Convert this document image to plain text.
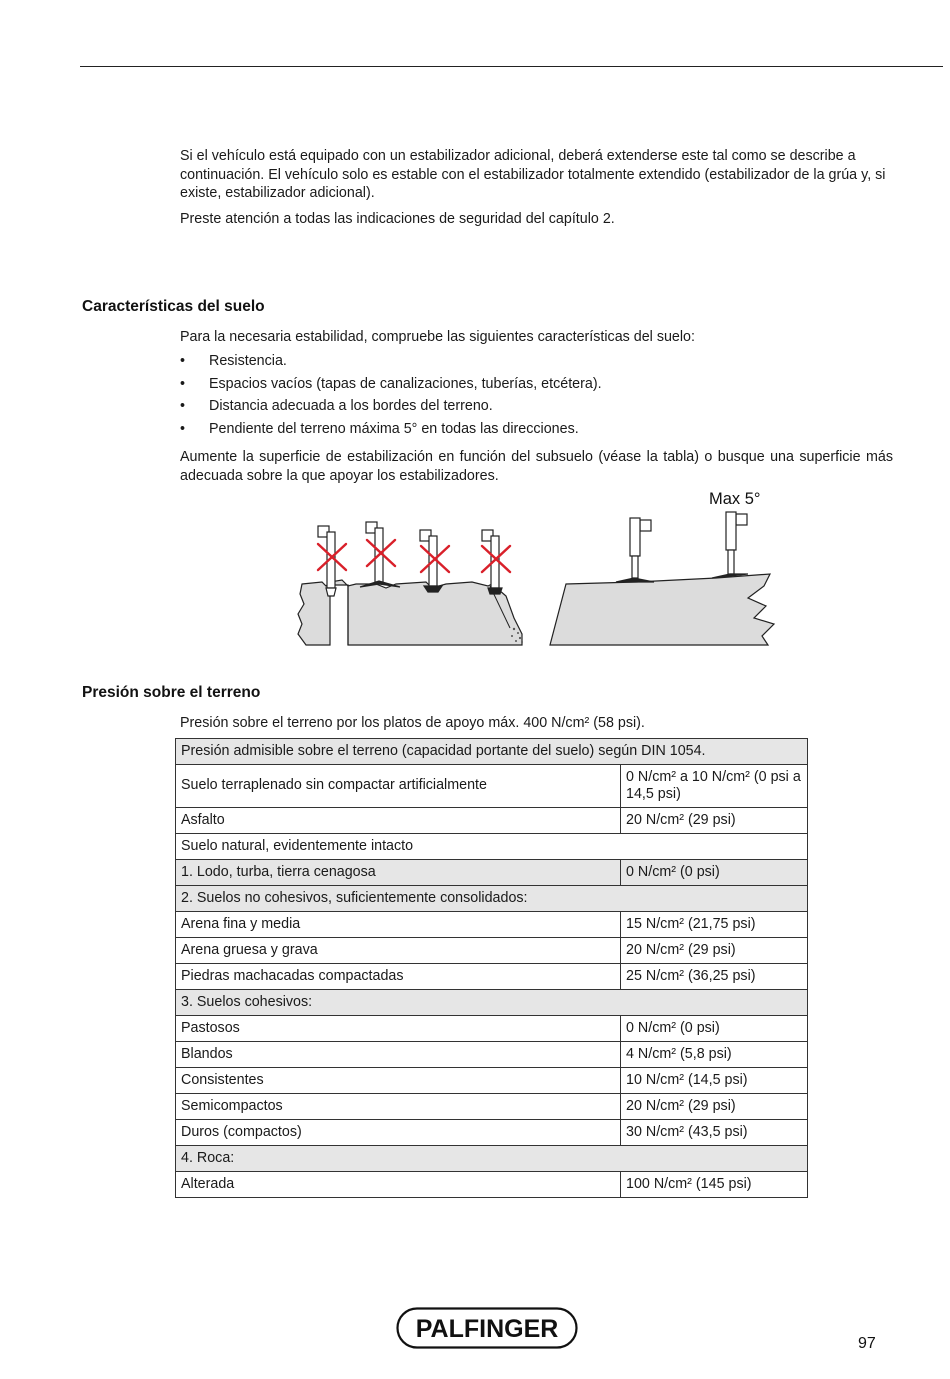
Si el vehículo está equipado con un estabilizador adicional, deberá extenderse este tal como se describe a continuación. El vehículo solo es estable con el estabilizador totalmente extendido (estabilizador de la grúa y, si existe, estabilizador adicional).

Preste atención a todas las indicaciones de seguridad del capítulo 2.

Características del suelo

Para la necesaria estabilidad, compruebe las siguientes características del suelo:

• Resistencia.
• Espacios vacíos (tapas de canalizaciones, tuberías, etcétera).
• Distancia adecuada a los bordes del terreno.
• Pendiente del terreno máxima 5° en todas las direcciones.

Aumente la superficie de estabilización en función del subsuelo (véase la tabla) o busque una superficie más adecuada sobre la que apoyar los estabilizadores.

Max 5°
Presión sobre el terreno

Presión sobre el terreno por los platos de apoyo máx. 400 N/cm² (58 psi).

Presión admisible sobre el terreno (capacidad portante del suelo) según DIN 1054.	
Suelo terraplenado sin compactar artificialmente	0 N/cm² a 10 N/cm² (0 psi a 14,5 psi)
Asfalto	20 N/cm² (29 psi)
Suelo natural, evidentemente intacto	
1. Lodo, turba, tierra cenagosa	0 N/cm² (0 psi)
2. Suelos no cohesivos, suficientemente consolidados:	
Arena fina y media	15 N/cm² (21,75 psi)
Arena gruesa y grava	20 N/cm² (29 psi)
Piedras machacadas compactadas	25 N/cm² (36,25 psi)
3. Suelos cohesivos:	
Pastosos	0 N/cm² (0 psi)
Blandos	4 N/cm² (5,8 psi)
Consistentes	10 N/cm² (14,5 psi)
Semicompactos	20 N/cm² (29 psi)
Duros (compactos)	30 N/cm² (43,5 psi)
4. Roca:	
Alterada	100 N/cm² (145 psi)
PALFINGER
97
